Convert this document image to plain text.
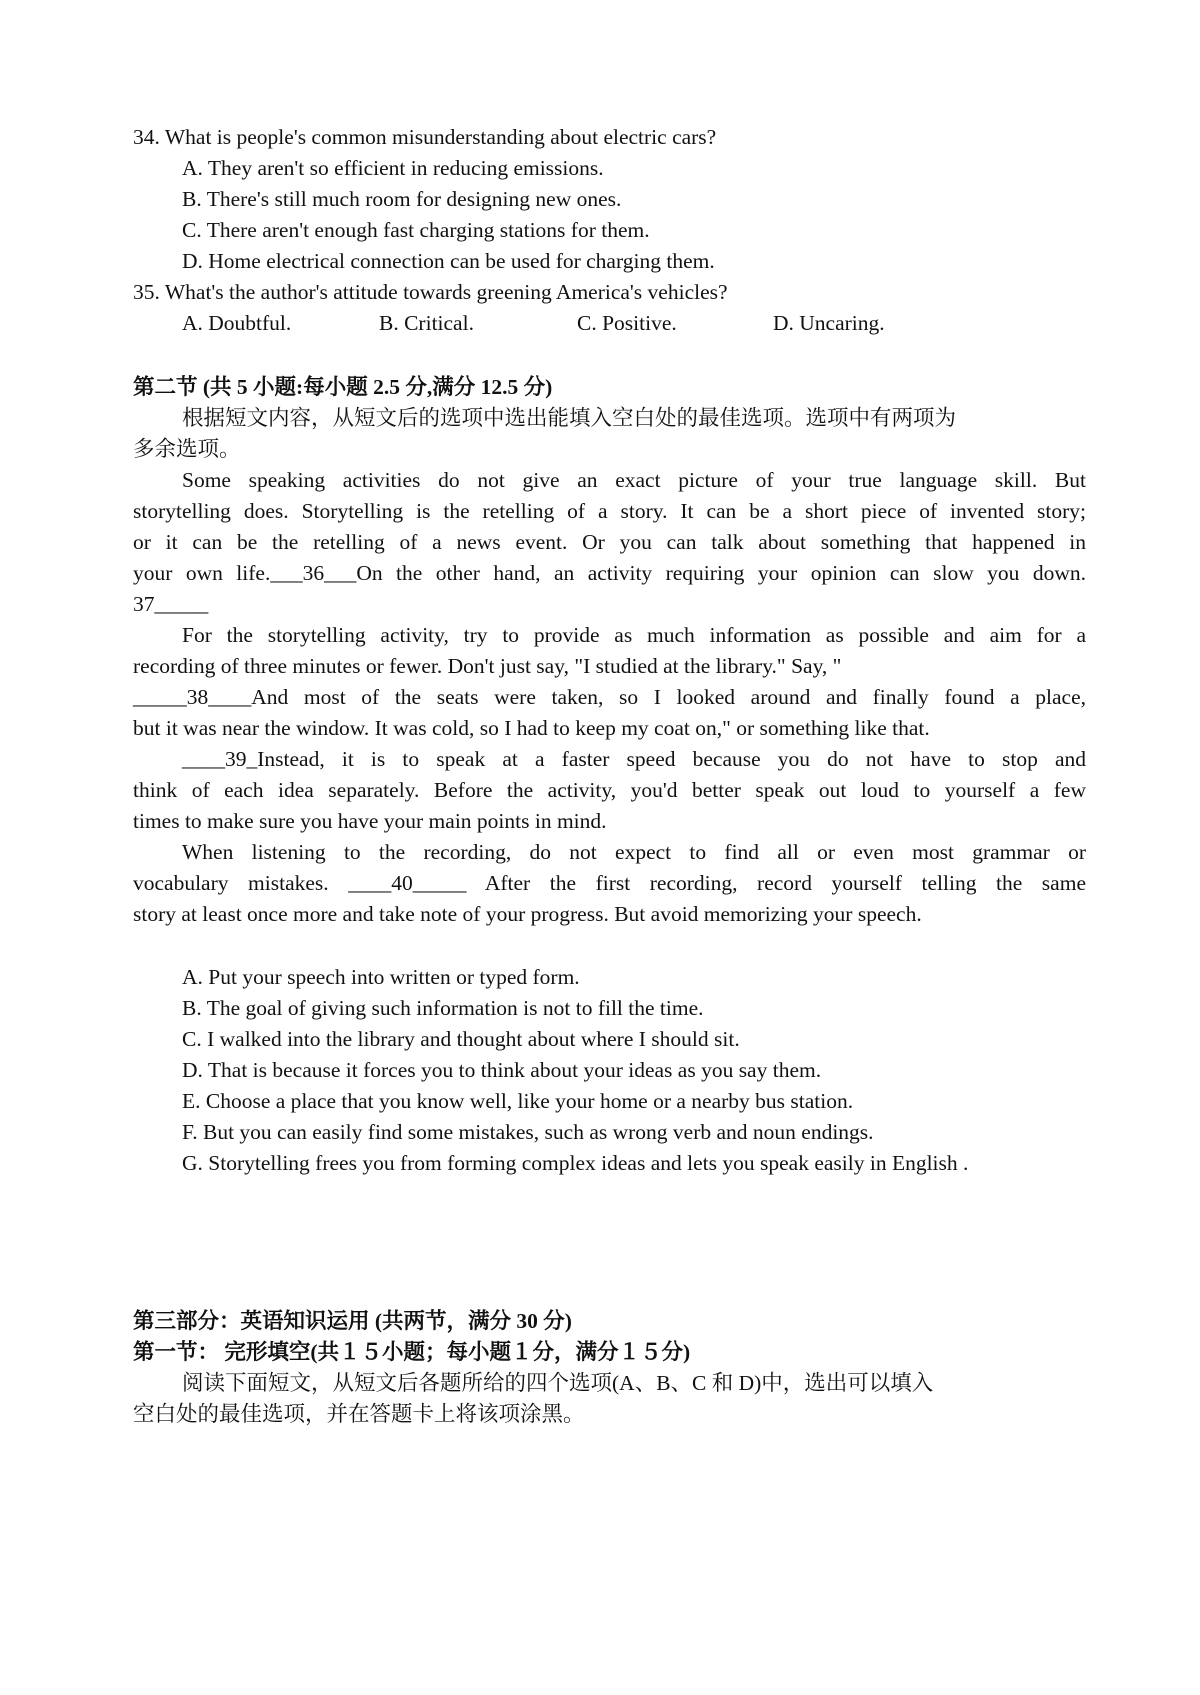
34. What is people's common misunderstanding about electric cars?
A. They aren't so efficient in reducing emissions.
B. There's still much room for designing new ones.
C. There aren't enough fast charging stations for them.
D. Home electrical connection can be used for charging them.
35. What's the author's attitude towards greening America's vehicles?
A. Doubtful.	B. Critical.	C. Positive.	D. Uncaring.
第二节 (共 5 小题:每小题 2.5 分,满分 12.5 分)
根据短文内容，从短文后的选项中选出能填入空白处的最佳选项。选项中有两项为
多余选项。
Some speaking activities do not give an exact picture of your true language skill. But
storytelling does. Storytelling is the retelling of a story. It can be a short piece of invented story;
or it can be the retelling of a news event. Or you can talk about something that happened in
your own life.___36___On the other hand, an activity requiring your opinion can slow you down.
37_____
For the storytelling activity, try to provide as much information as possible and aim for a
recording of three minutes or fewer. Don't just say, "I studied at the library." Say, "
_____38____And most of the seats were taken, so I looked around and finally found a place,
but it was near the window. It was cold, so I had to keep my coat on," or something like that.
____39_Instead, it is to speak at a faster speed because you do not have to stop and
think of each idea separately. Before the activity, you'd better speak out loud to yourself a few
times to make sure you have your main points in mind.
When listening to the recording, do not expect to find all or even most grammar or
vocabulary mistakes. ____40_____ After the first recording, record yourself telling the same
story at least once more and take note of your progress. But avoid memorizing your speech.
A. Put your speech into written or typed form.
B. The goal of giving such information is not to fill the time.
C. I walked into the library and thought about where I should sit.
D. That is because it forces you to think about your ideas as you say them.
E. Choose a place that you know well, like your home or a nearby bus station.
F. But you can easily find some mistakes, such as wrong verb and noun endings.
G. Storytelling frees you from forming complex ideas and lets you speak easily in English .
第三部分：英语知识运用 (共两节，满分 30 分)
第一节： 完形填空(共１５小题；每小题１分，满分１５分)
阅读下面短文，从短文后各题所给的四个选项(A、B、C 和 D)中，选出可以填入
空白处的最佳选项，并在答题卡上将该项涂黑。
